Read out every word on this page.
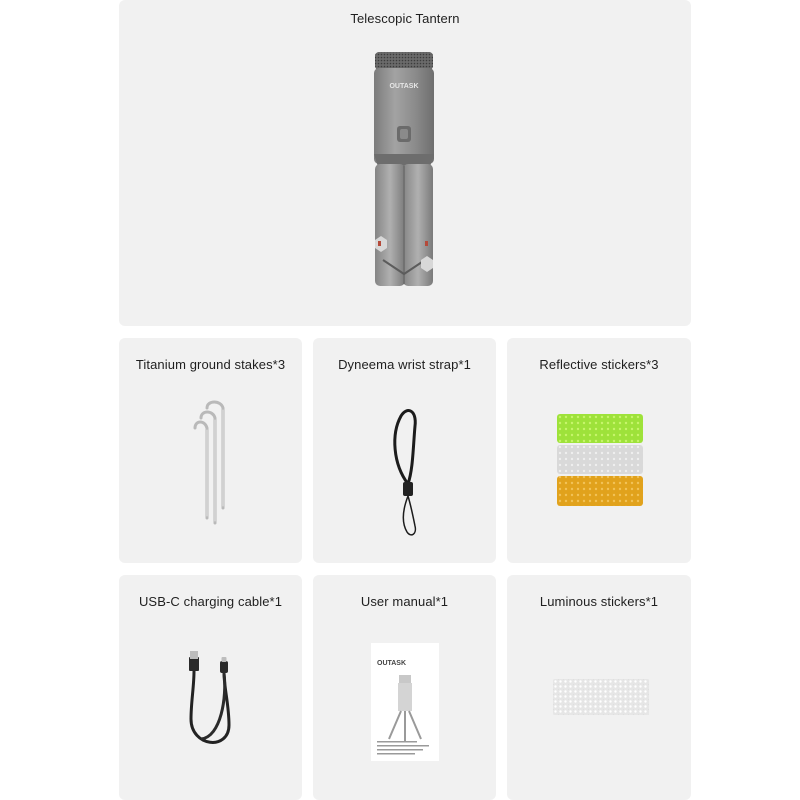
Telescopic Tantern
OUTASK
Titanium ground stakes*3	Dyneema wrist strap*1	Reflective stickers*3
USB-C charging cable*1	User manual*1
OUTASK
Luminous stickers*1
